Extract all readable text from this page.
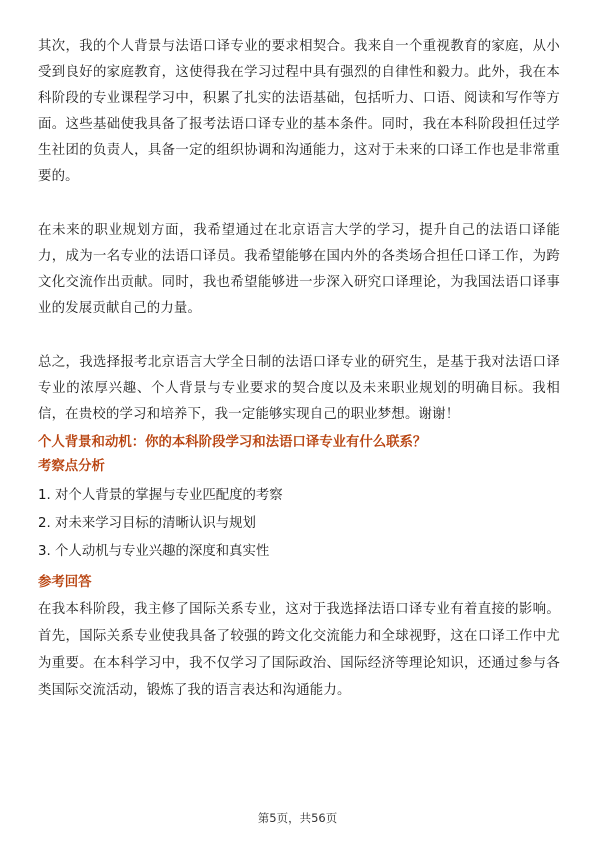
其次，我的个人背景与法语口译专业的要求相契合。我来自一个重视教育的家庭，从小受到良好的家庭教育，这使得我在学习过程中具有强烈的自律性和毅力。此外，我在本科阶段的专业课程学习中，积累了扎实的法语基础，包括听力、口语、阅读和写作等方面。这些基础使我具备了报考法语口译专业的基本条件。同时，我在本科阶段担任过学生社团的负责人，具备一定的组织协调和沟通能力，这对于未来的口译工作也是非常重要的。

在未来的职业规划方面，我希望通过在北京语言大学的学习，提升自己的法语口译能力，成为一名专业的法语口译员。我希望能够在国内外的各类场合担任口译工作，为跨文化交流作出贡献。同时，我也希望能够进一步深入研究口译理论，为我国法语口译事业的发展贡献自己的力量。

总之，我选择报考北京语言大学全日制的法语口译专业的研究生，是基于我对法语口译专业的浓厚兴趣、个人背景与专业要求的契合度以及未来职业规划的明确目标。我相信，在贵校的学习和培养下，我一定能够实现自己的职业梦想。谢谢！

个人背景和动机：你的本科阶段学习和法语口译专业有什么联系？

考察点分析

1. 对个人背景的掌握与专业匹配度的考察
2. 对未来学习目标的清晰认识与规划
3. 个人动机与专业兴趣的深度和真实性

参考回答

在我本科阶段，我主修了国际关系专业，这对于我选择法语口译专业有着直接的影响。首先，国际关系专业使我具备了较强的跨文化交流能力和全球视野，这在口译工作中尤为重要。在本科学习中，我不仅学习了国际政治、国际经济等理论知识，还通过参与各类国际交流活动，锻炼了我的语言表达和沟通能力。

第5页，共56页
